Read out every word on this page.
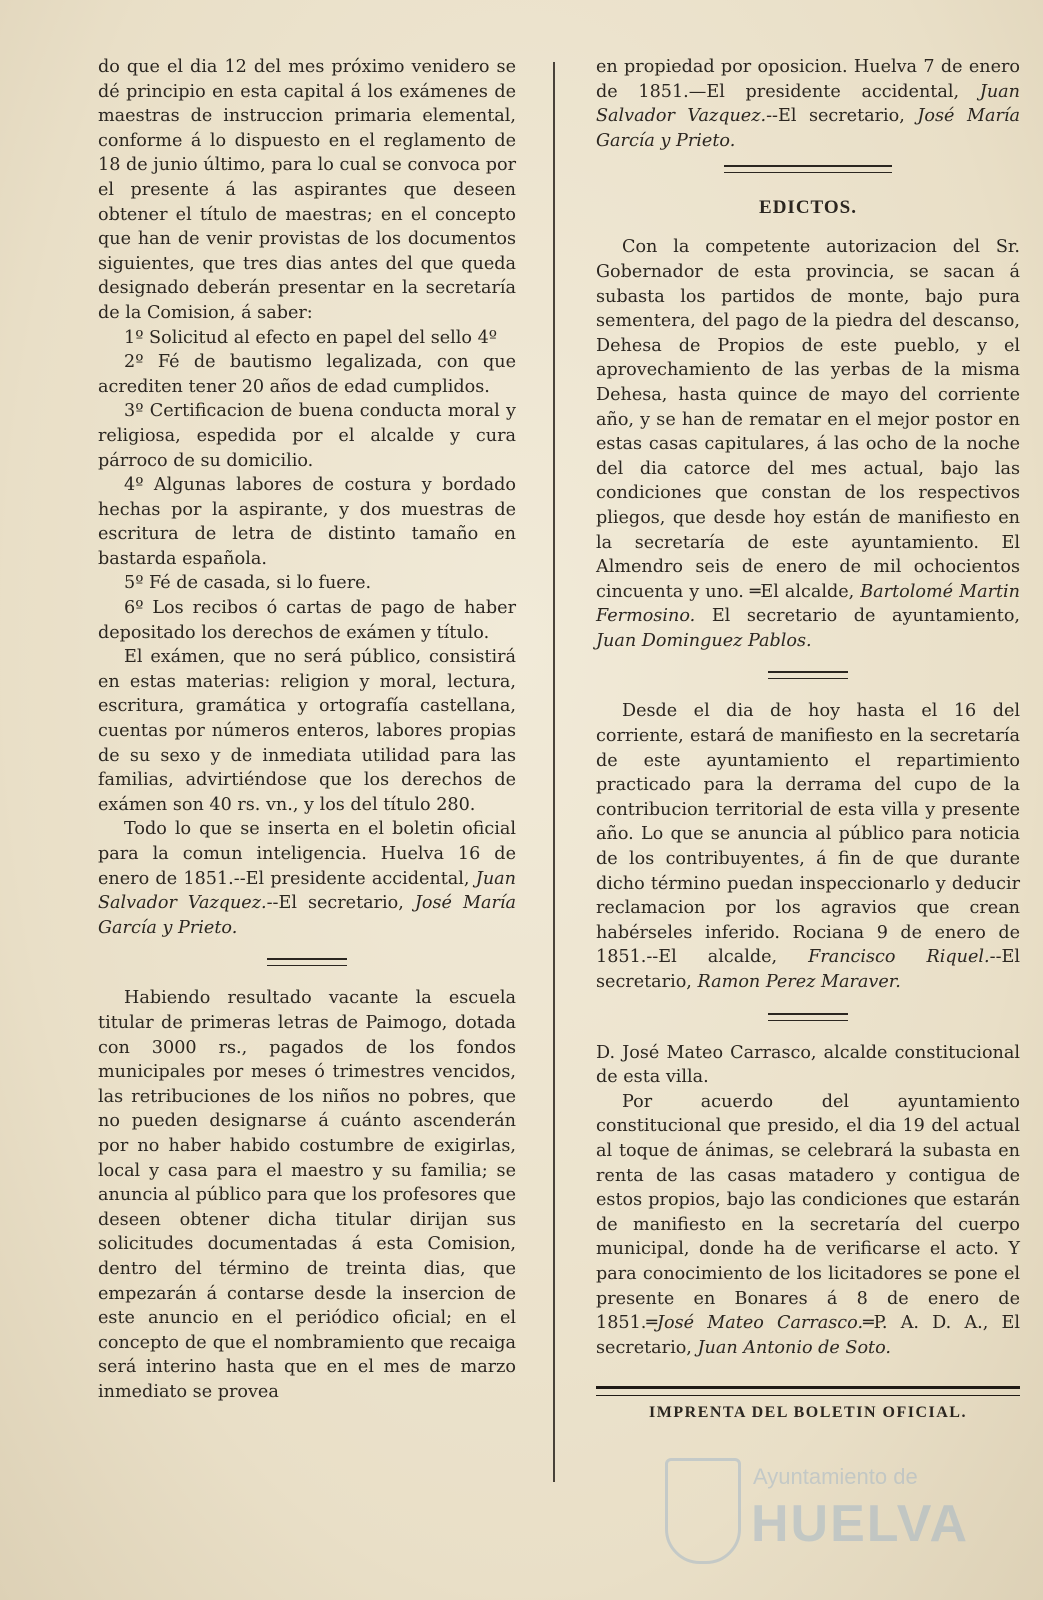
do que el dia 12 del mes próximo venidero se dé principio en esta capital á los exámenes de maestras de instruccion primaria elemental, conforme á lo dispuesto en el reglamento de 18 de junio último, para lo cual se convoca por el presente á las aspirantes que deseen obtener el título de maestras; en el concepto que han de venir provistas de los documentos siguientes, que tres dias antes del que queda designado deberán presentar en la secretaría de la Comision, á saber:

1º Solicitud al efecto en papel del sello 4º

2º Fé de bautismo legalizada, con que acrediten tener 20 años de edad cumplidos.

3º Certificacion de buena conducta moral y religiosa, espedida por el alcalde y cura párroco de su domicilio.

4º Algunas labores de costura y bordado hechas por la aspirante, y dos muestras de escritura de letra de distinto tamaño en bastarda española.

5º Fé de casada, si lo fuere.

6º Los recibos ó cartas de pago de haber depositado los derechos de exámen y título.

El exámen, que no será público, consistirá en estas materias: religion y moral, lectura, escritura, gramática y ortografía castellana, cuentas por números enteros, labores propias de su sexo y de inmediata utilidad para las familias, advirtiéndose que los derechos de exámen son 40 rs. vn., y los del título 280.

Todo lo que se inserta en el boletin oficial para la comun inteligencia. Huelva 16 de enero de 1851.--El presidente accidental, Juan Salvador Vazquez.--El secretario, José María García y Prieto.

Habiendo resultado vacante la escuela titular de primeras letras de Paimogo, dotada con 3000 rs., pagados de los fondos municipales por meses ó trimestres vencidos, las retribuciones de los niños no pobres, que no pueden designarse á cuánto ascenderán por no haber habido costumbre de exigirlas, local y casa para el maestro y su familia; se anuncia al público para que los profesores que deseen obtener dicha titular dirijan sus solicitudes documentadas á esta Comision, dentro del término de treinta dias, que empezarán á contarse desde la insercion de este anuncio en el periódico oficial; en el concepto de que el nombramiento que recaiga será interino hasta que en el mes de marzo inmediato se provea

en propiedad por oposicion. Huelva 7 de enero de 1851.—El presidente accidental, Juan Salvador Vazquez.--El secretario, José María García y Prieto.

EDICTOS.

Con la competente autorizacion del Sr. Gobernador de esta provincia, se sacan á subasta los partidos de monte, bajo pura sementera, del pago de la piedra del descanso, Dehesa de Propios de este pueblo, y el aprovechamiento de las yerbas de la misma Dehesa, hasta quince de mayo del corriente año, y se han de rematar en el mejor postor en estas casas capitulares, á las ocho de la noche del dia catorce del mes actual, bajo las condiciones que constan de los respectivos pliegos, que desde hoy están de manifiesto en la secretaría de este ayuntamiento. El Almendro seis de enero de mil ochocientos cincuenta y uno. ═El alcalde, Bartolomé Martin Fermosino. El secretario de ayuntamiento, Juan Dominguez Pablos.

Desde el dia de hoy hasta el 16 del corriente, estará de manifiesto en la secretaría de este ayuntamiento el repartimiento practicado para la derrama del cupo de la contribucion territorial de esta villa y presente año. Lo que se anuncia al público para noticia de los contribuyentes, á fin de que durante dicho término puedan inspeccionarlo y deducir reclamacion por los agravios que crean habérseles inferido. Rociana 9 de enero de 1851.--El alcalde, Francisco Riquel.--El secretario, Ramon Perez Maraver.

D. José Mateo Carrasco, alcalde constitucional de esta villa.

Por acuerdo del ayuntamiento constitucional que presido, el dia 19 del actual al toque de ánimas, se celebrará la subasta en renta de las casas matadero y contigua de estos propios, bajo las condiciones que estarán de manifiesto en la secretaría del cuerpo municipal, donde ha de verificarse el acto. Y para conocimiento de los licitadores se pone el presente en Bonares á 8 de enero de 1851.═José Mateo Carrasco.═P. A. D. A., El secretario, Juan Antonio de Soto.

IMPRENTA DEL BOLETIN OFICIAL.
Ayuntamiento de
HUELVA
